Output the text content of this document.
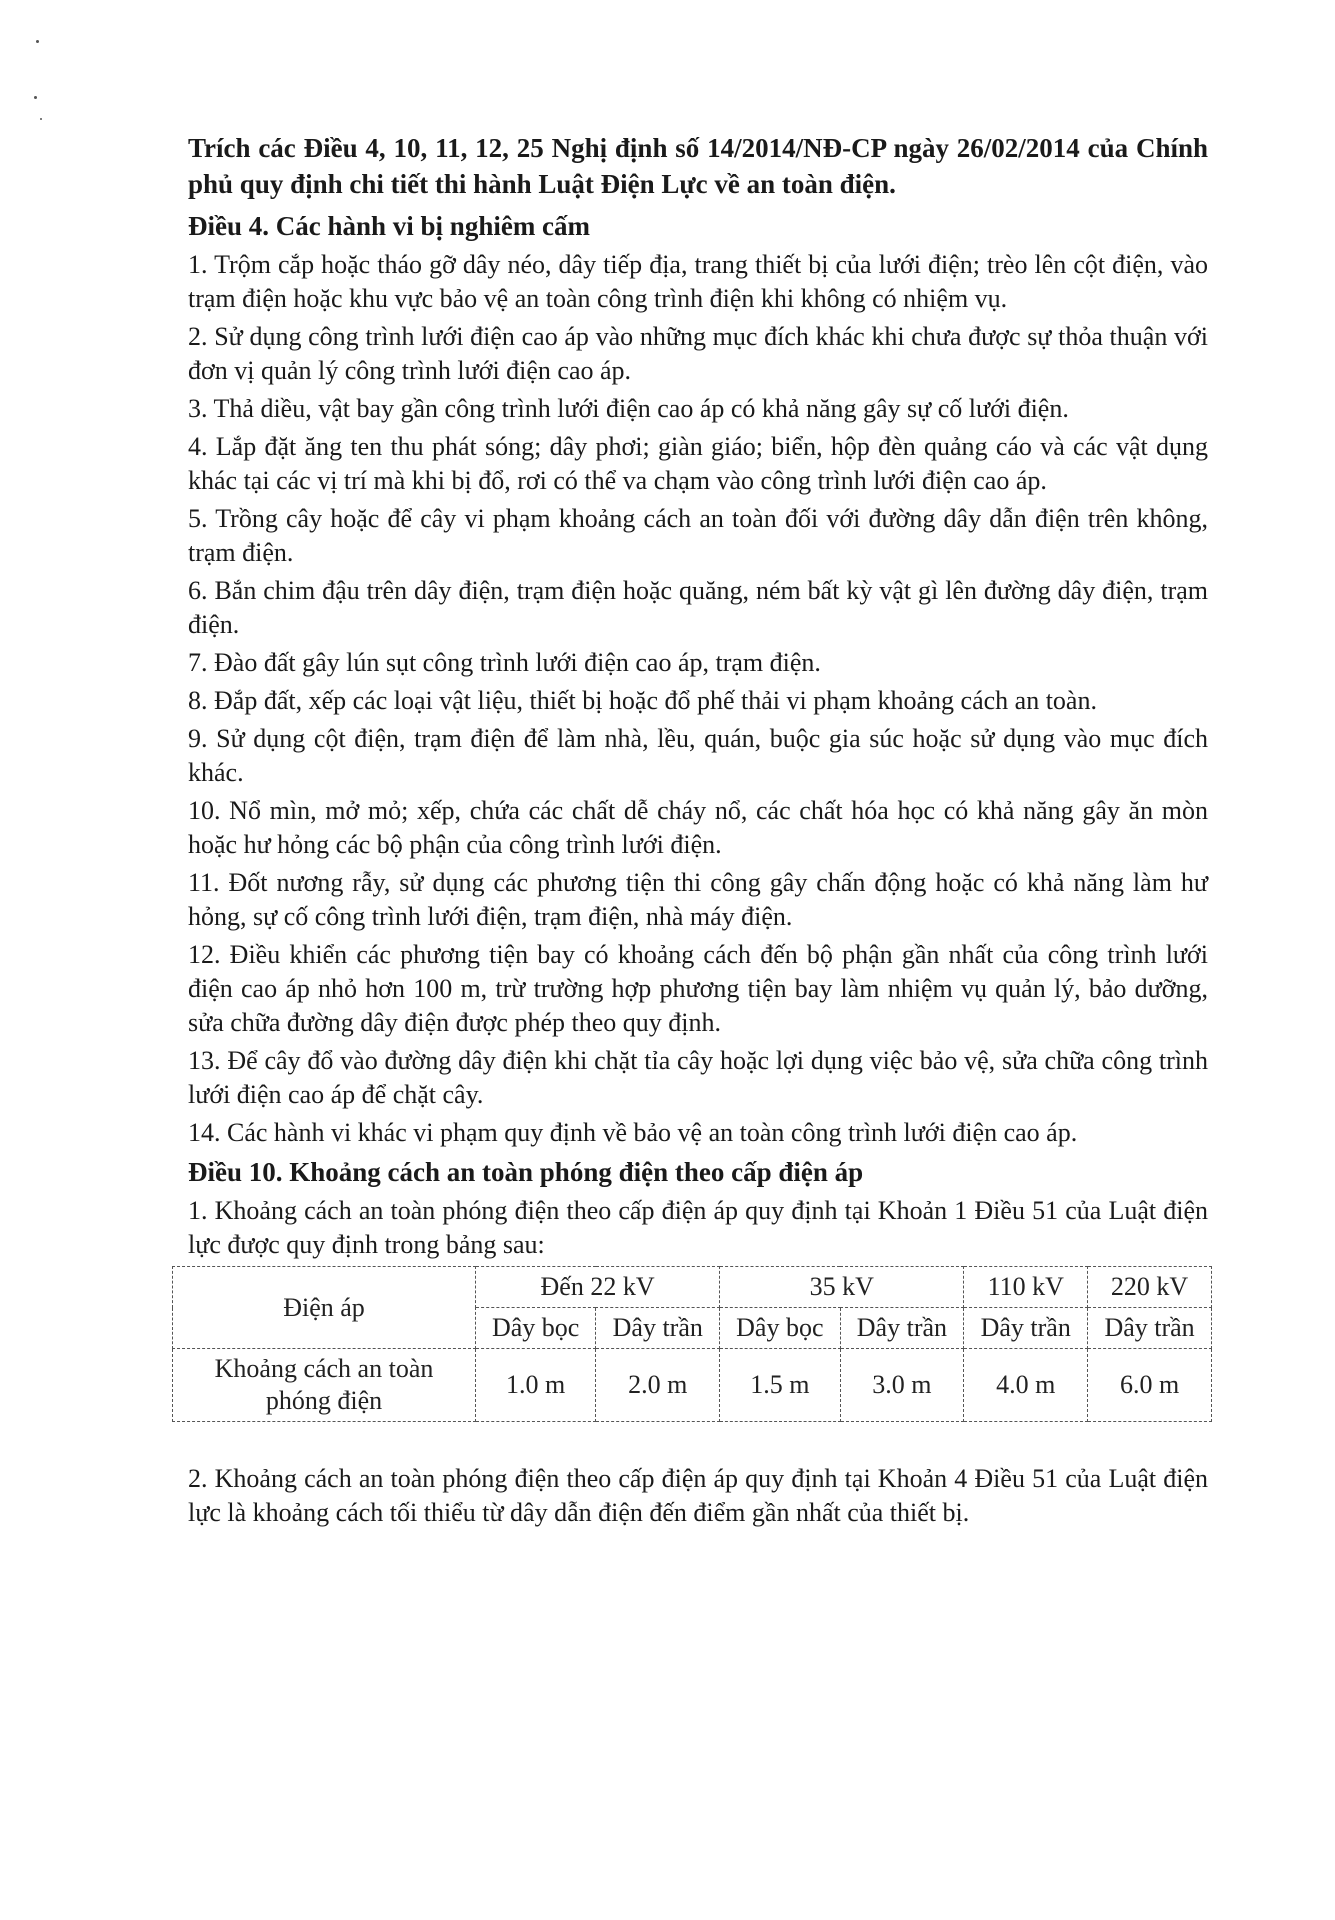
Trích các Điều 4, 10, 11, 12, 25 Nghị định số 14/2014/NĐ-CP ngày 26/02/2014 của Chính phủ quy định chi tiết thi hành Luật Điện Lực về an toàn điện.

Điều 4. Các hành vi bị nghiêm cấm

1. Trộm cắp hoặc tháo gỡ dây néo, dây tiếp địa, trang thiết bị của lưới điện; trèo lên cột điện, vào trạm điện hoặc khu vực bảo vệ an toàn công trình điện khi không có nhiệm vụ.

2. Sử dụng công trình lưới điện cao áp vào những mục đích khác khi chưa được sự thỏa thuận với đơn vị quản lý công trình lưới điện cao áp.

3. Thả diều, vật bay gần công trình lưới điện cao áp có khả năng gây sự cố lưới điện.

4. Lắp đặt ăng ten thu phát sóng; dây phơi; giàn giáo; biển, hộp đèn quảng cáo và các vật dụng khác tại các vị trí mà khi bị đổ, rơi có thể va chạm vào công trình lưới điện cao áp.

5. Trồng cây hoặc để cây vi phạm khoảng cách an toàn đối với đường dây dẫn điện trên không, trạm điện.

6. Bắn chim đậu trên dây điện, trạm điện hoặc quăng, ném bất kỳ vật gì lên đường dây điện, trạm điện.

7. Đào đất gây lún sụt công trình lưới điện cao áp, trạm điện.

8. Đắp đất, xếp các loại vật liệu, thiết bị hoặc đổ phế thải vi phạm khoảng cách an toàn.

9. Sử dụng cột điện, trạm điện để làm nhà, lều, quán, buộc gia súc hoặc sử dụng vào mục đích khác.

10. Nổ mìn, mở mỏ; xếp, chứa các chất dễ cháy nổ, các chất hóa học có khả năng gây ăn mòn hoặc hư hỏng các bộ phận của công trình lưới điện.

11. Đốt nương rẫy, sử dụng các phương tiện thi công gây chấn động hoặc có khả năng làm hư hỏng, sự cố công trình lưới điện, trạm điện, nhà máy điện.

12. Điều khiển các phương tiện bay có khoảng cách đến bộ phận gần nhất của công trình lưới điện cao áp nhỏ hơn 100 m, trừ trường hợp phương tiện bay làm nhiệm vụ quản lý, bảo dưỡng, sửa chữa đường dây điện được phép theo quy định.

13. Để cây đổ vào đường dây điện khi chặt tỉa cây hoặc lợi dụng việc bảo vệ, sửa chữa công trình lưới điện cao áp để chặt cây.

14. Các hành vi khác vi phạm quy định về bảo vệ an toàn công trình lưới điện cao áp.

Điều 10. Khoảng cách an toàn phóng điện theo cấp điện áp

1. Khoảng cách an toàn phóng điện theo cấp điện áp quy định tại Khoản 1 Điều 51 của Luật điện lực được quy định trong bảng sau:

Điện áp	Đến 22 kV		35 kV		110 kV	220 kV
	Dây bọc	Dây trần	Dây bọc	Dây trần	Dây trần	Dây trần
Khoảng cách an toàn phóng điện	1.0 m	2.0 m	1.5 m	3.0 m	4.0 m	6.0 m

2. Khoảng cách an toàn phóng điện theo cấp điện áp quy định tại Khoản 4 Điều 51 của Luật điện lực là khoảng cách tối thiểu từ dây dẫn điện đến điểm gần nhất của thiết bị.
